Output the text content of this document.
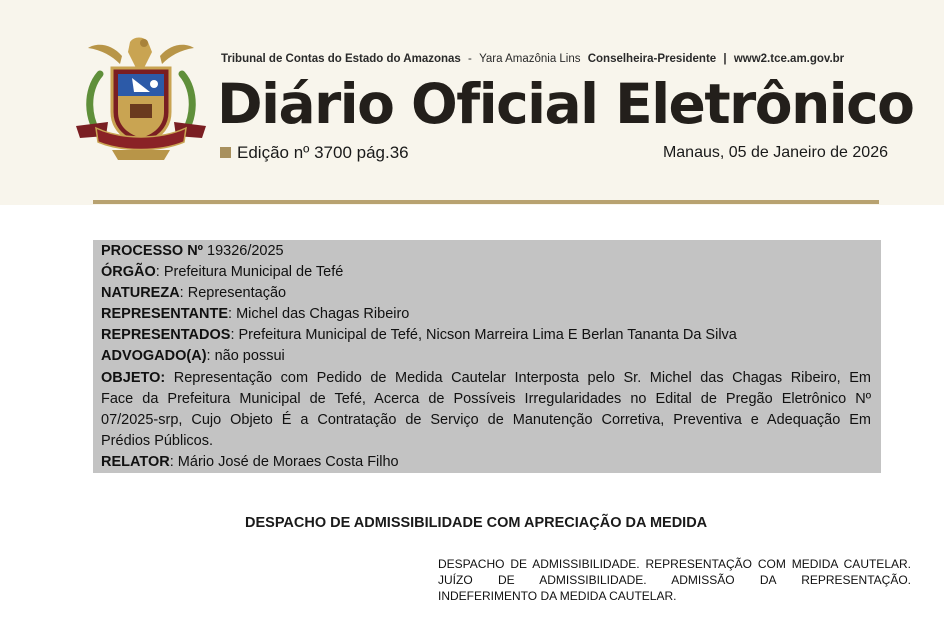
Tribunal de Contas do Estado do Amazonas - Yara Amazônia Lins Conselheira-Presidente | www2.tce.am.gov.br
Diário Oficial Eletrônico
Edição nº 3700 pág.36	Manaus, 05 de Janeiro de 2026
PROCESSO Nº 19326/2025
ÓRGÃO: Prefeitura Municipal de Tefé
NATUREZA: Representação
REPRESENTANTE: Michel das Chagas Ribeiro
REPRESENTADOS: Prefeitura Municipal de Tefé, Nicson Marreira Lima E Berlan Tananta Da Silva
ADVOGADO(A): não possui
OBJETO: Representação com Pedido de Medida Cautelar Interposta pelo Sr. Michel das Chagas Ribeiro, Em
Face da Prefeitura Municipal de Tefé, Acerca de Possíveis Irregularidades no Edital de Pregão Eletrônico Nº
07/2025-srp, Cujo Objeto É a Contratação de Serviço de Manutenção Corretiva, Preventiva e Adequação Em
Prédios Públicos.
RELATOR: Mário José de Moraes Costa Filho
DESPACHO DE ADMISSIBILIDADE COM APRECIAÇÃO DA MEDIDA
DESPACHO DE ADMISSIBILIDADE. REPRESENTAÇÃO COM MEDIDA CAUTELAR.
JUÍZO DE ADMISSIBILIDADE. ADMISSÃO DA REPRESENTAÇÃO.
INDEFERIMENTO DA MEDIDA CAUTELAR.
